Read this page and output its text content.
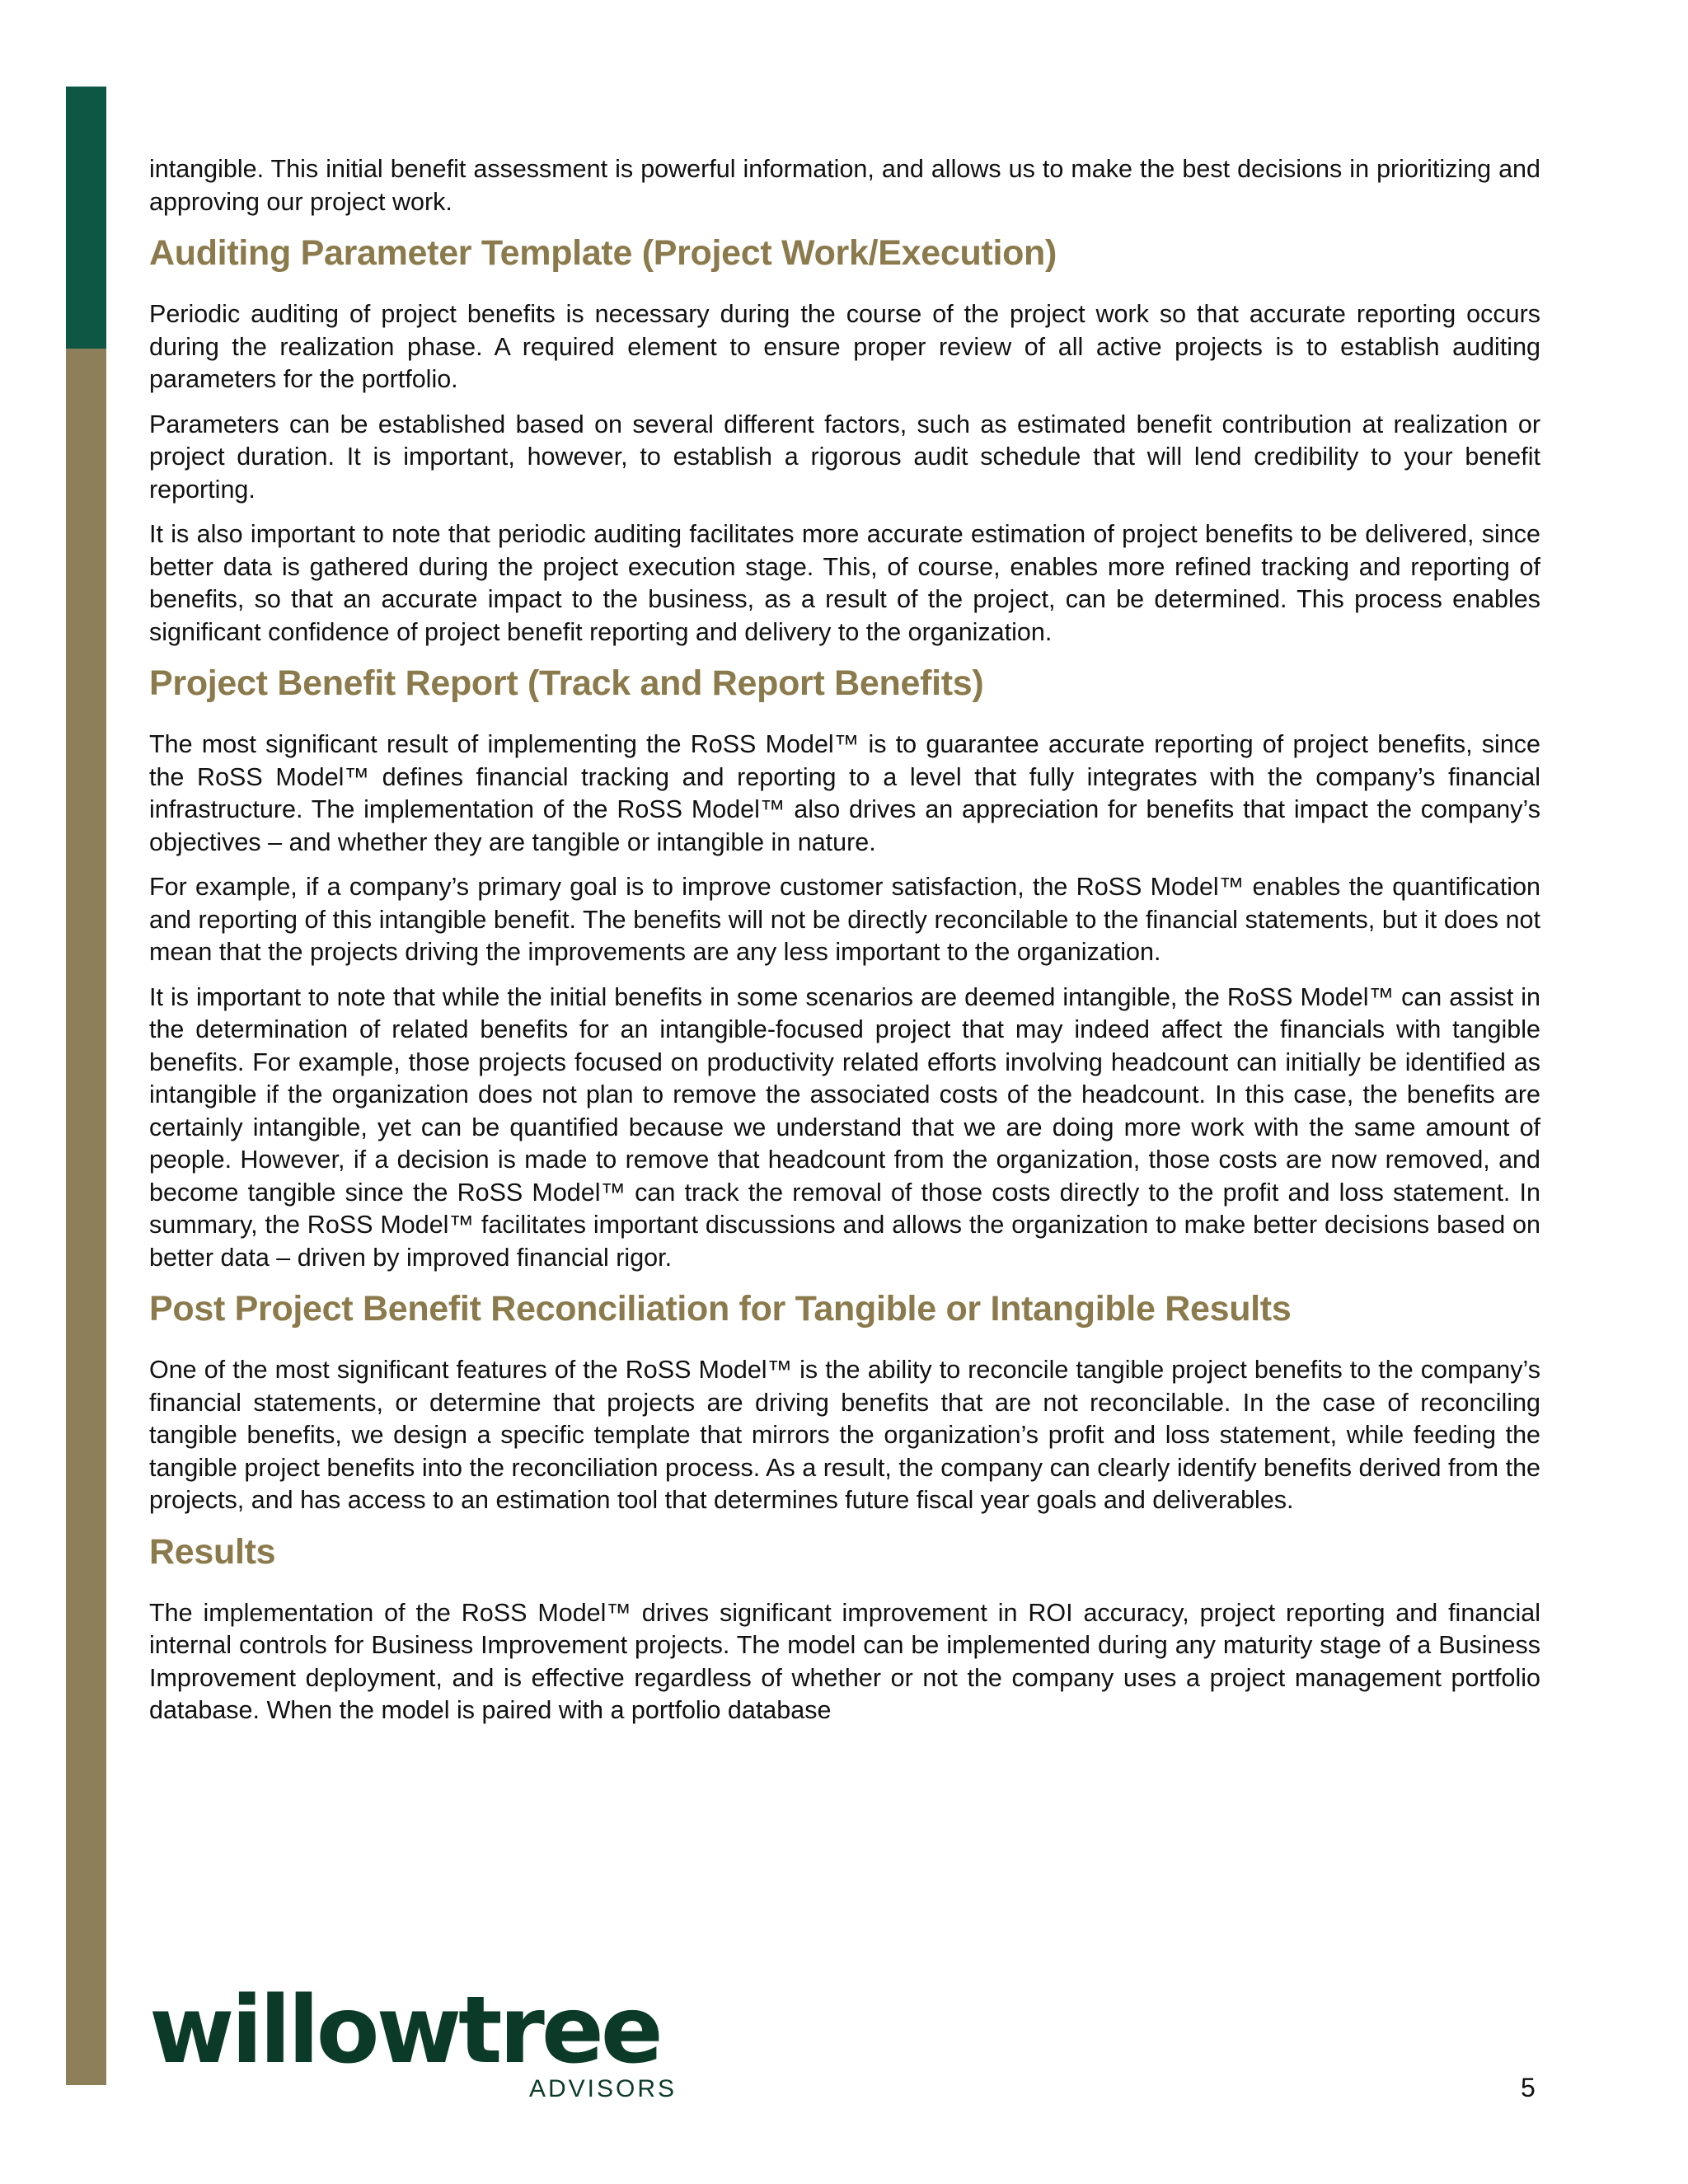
intangible. This initial benefit assessment is powerful information, and allows us to make the best decisions in prioritizing and approving our project work.

Auditing Parameter Template (Project Work/Execution)

Periodic auditing of project benefits is necessary during the course of the project work so that accurate reporting occurs during the realization phase. A required element to ensure proper review of all active projects is to establish auditing parameters for the portfolio.

Parameters can be established based on several different factors, such as estimated benefit contribution at realization or project duration. It is important, however, to establish a rigorous audit schedule that will lend credibility to your benefit reporting.

It is also important to note that periodic auditing facilitates more accurate estimation of project benefits to be delivered, since better data is gathered during the project execution stage. This, of course, enables more refined tracking and reporting of benefits, so that an accurate impact to the business, as a result of the project, can be determined. This process enables significant confidence of project benefit reporting and delivery to the organization.

Project Benefit Report (Track and Report Benefits)

The most significant result of implementing the RoSS Model™ is to guarantee accurate reporting of project benefits, since the RoSS Model™ defines financial tracking and reporting to a level that fully integrates with the company’s financial infrastructure. The implementation of the RoSS Model™ also drives an appreciation for benefits that impact the company’s objectives – and whether they are tangible or intangible in nature.

For example, if a company’s primary goal is to improve customer satisfaction, the RoSS Model™ enables the quantification and reporting of this intangible benefit. The benefits will not be directly reconcilable to the financial statements, but it does not mean that the projects driving the improvements are any less important to the organization.

It is important to note that while the initial benefits in some scenarios are deemed intangible, the RoSS Model™ can assist in the determination of related benefits for an intangible-focused project that may indeed affect the financials with tangible benefits. For example, those projects focused on productivity related efforts involving headcount can initially be identified as intangible if the organization does not plan to remove the associated costs of the headcount. In this case, the benefits are certainly intangible, yet can be quantified because we understand that we are doing more work with the same amount of people. However, if a decision is made to remove that headcount from the organization, those costs are now removed, and become tangible since the RoSS Model™ can track the removal of those costs directly to the profit and loss statement. In summary, the RoSS Model™ facilitates important discussions and allows the organization to make better decisions based on better data – driven by improved financial rigor.

Post Project Benefit Reconciliation for Tangible or Intangible Results

One of the most significant features of the RoSS Model™ is the ability to reconcile tangible project benefits to the company’s financial statements, or determine that projects are driving benefits that are not reconcilable. In the case of reconciling tangible benefits, we design a specific template that mirrors the organization’s profit and loss statement, while feeding the tangible project benefits into the reconciliation process. As a result, the company can clearly identify benefits derived from the projects, and has access to an estimation tool that determines future fiscal year goals and deliverables.

Results

The implementation of the RoSS Model™ drives significant improvement in ROI accuracy, project reporting and financial internal controls for Business Improvement projects. The model can be implemented during any maturity stage of a Business Improvement deployment, and is effective regardless of whether or not the company uses a project management portfolio database. When the model is paired with a portfolio database

willowtree
ADVISORS	5
